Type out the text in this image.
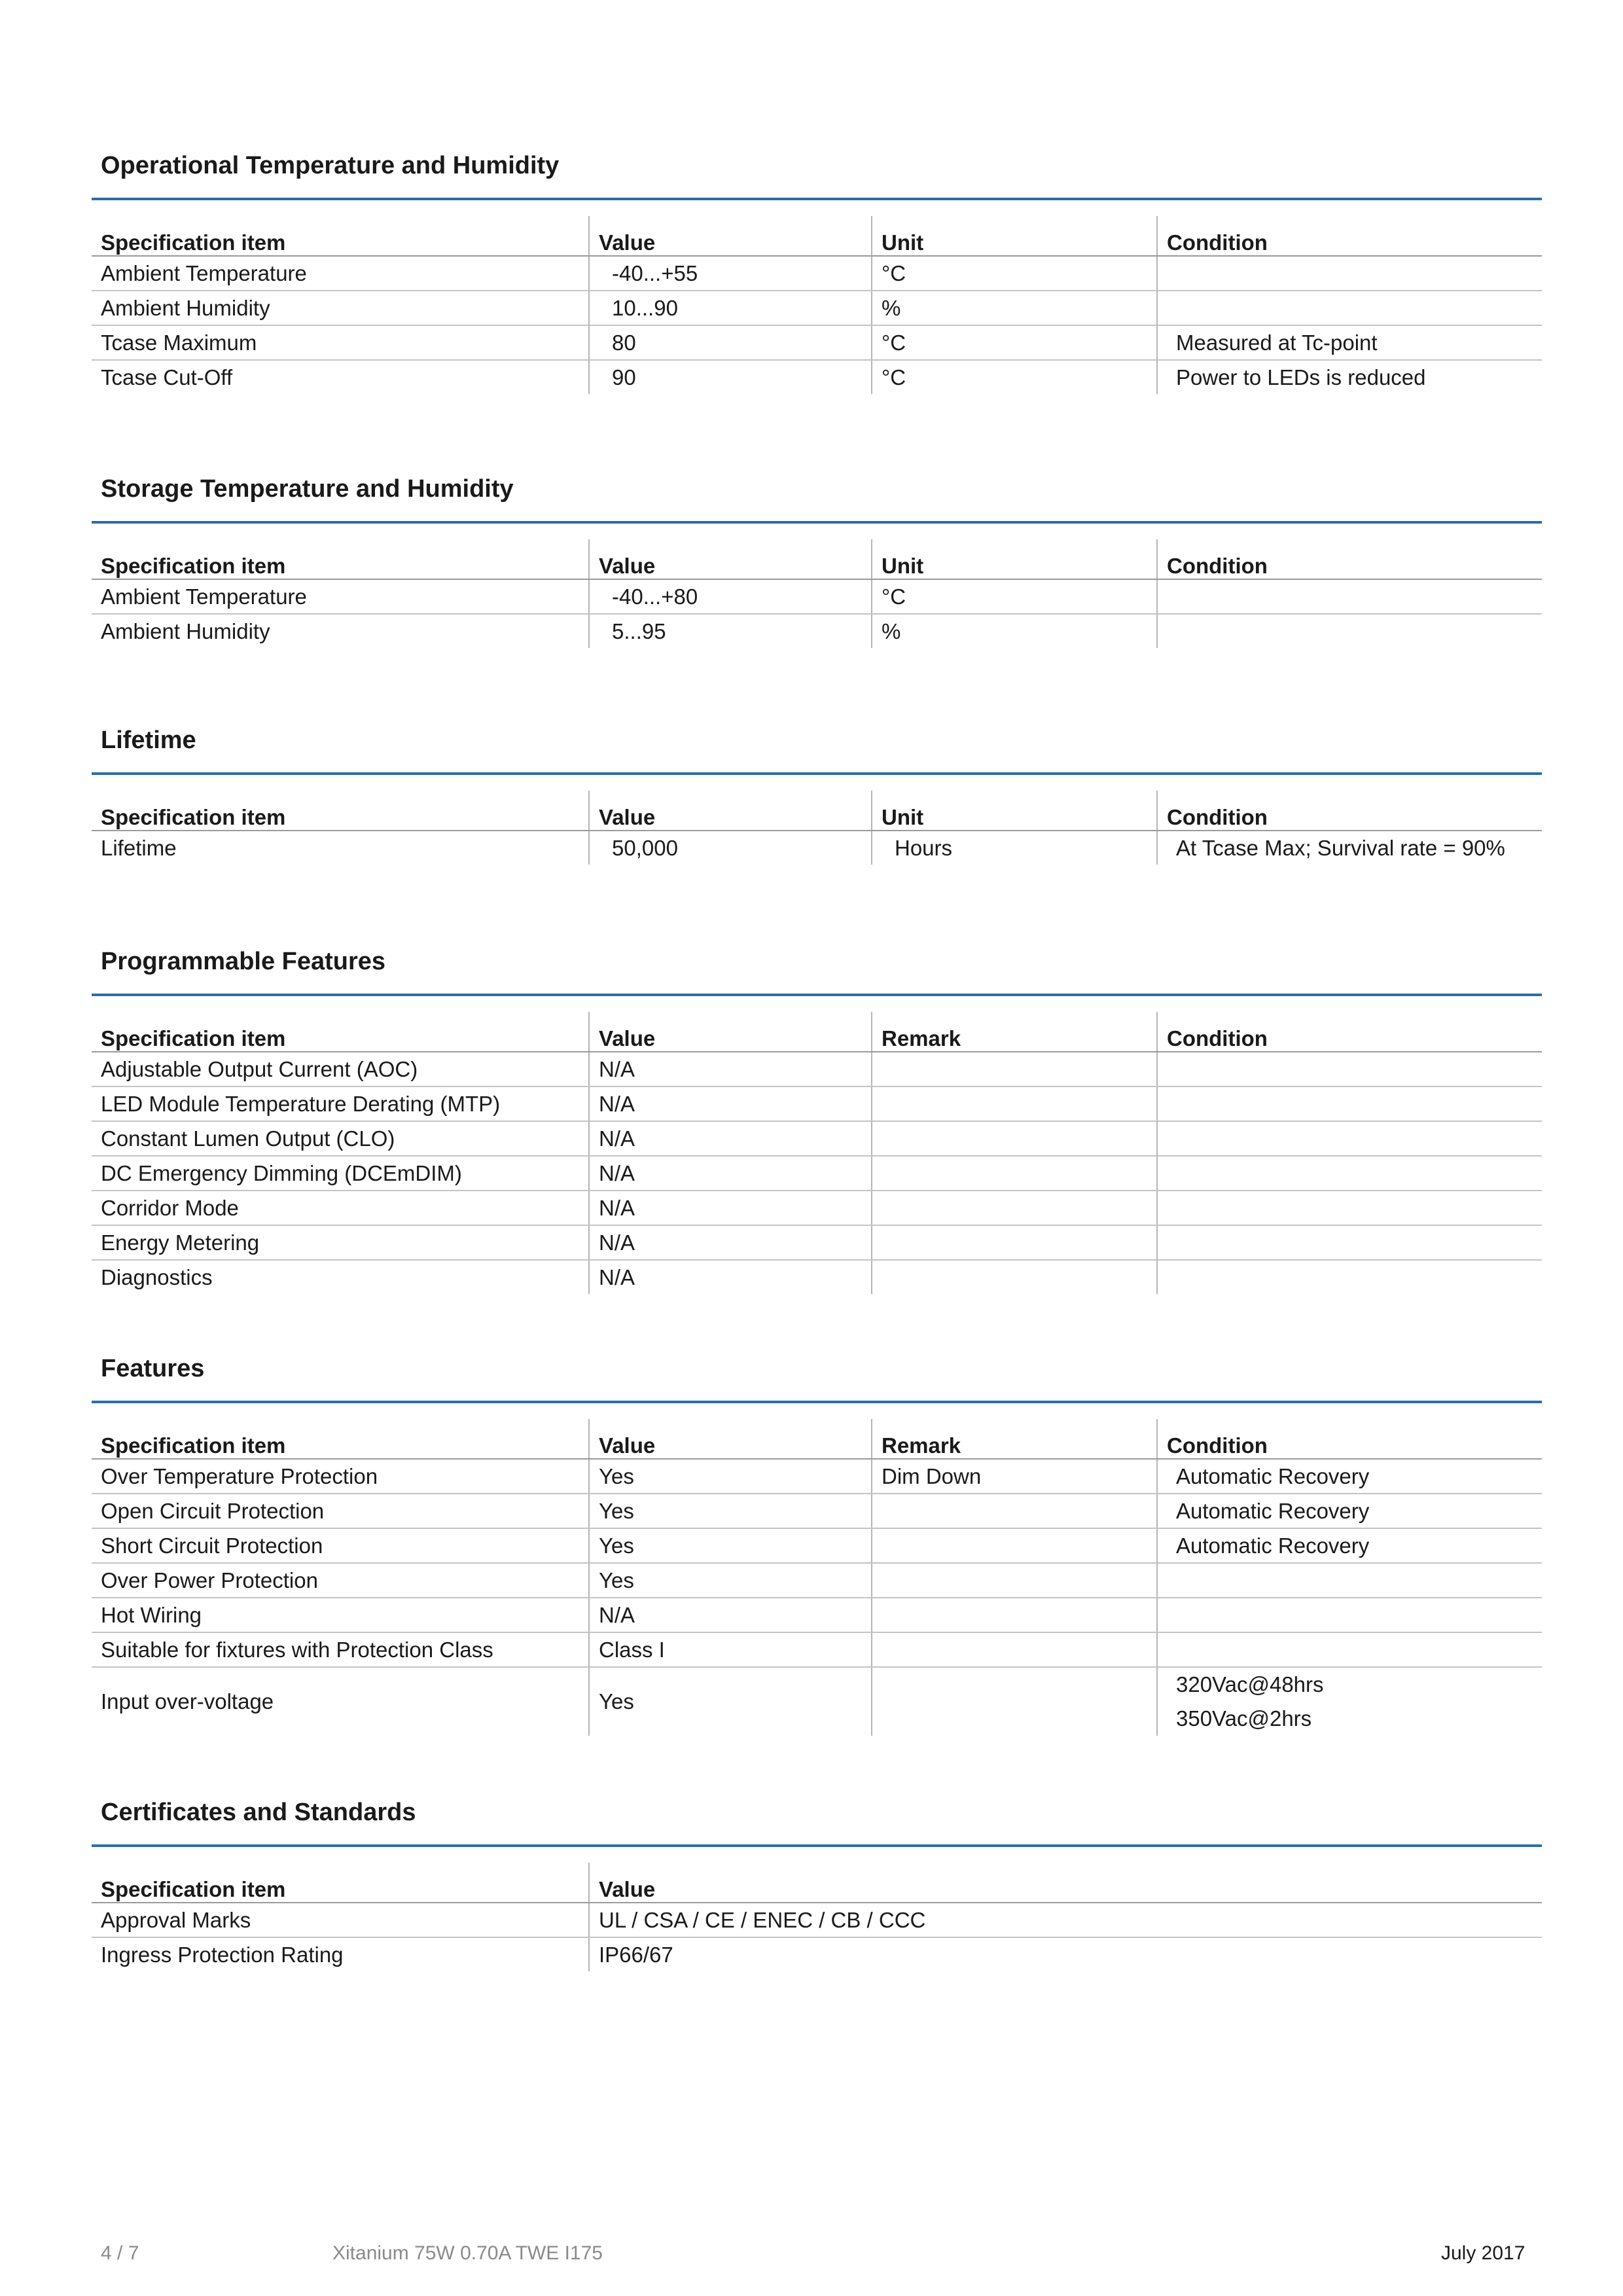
Operational Temperature and Humidity
Specification item	Value	Unit	Condition
Ambient Temperature	-40...+55	°C	
Ambient Humidity	10...90	%	
Tcase Maximum	80	°C	Measured at Tc-point
Tcase Cut-Off	90	°C	Power to LEDs is reduced
Storage Temperature and Humidity
Specification item	Value	Unit	Condition
Ambient Temperature	-40...+80	°C	
Ambient Humidity	5...95	%	
Lifetime
Specification item	Value	Unit	Condition
Lifetime	50,000	Hours	At Tcase Max; Survival rate = 90%
Programmable Features
Specification item	Value	Remark	Condition
Adjustable Output Current (AOC)	N/A		
LED Module Temperature Derating (MTP)	N/A		
Constant Lumen Output (CLO)	N/A		
DC Emergency Dimming (DCEmDIM)	N/A		
Corridor Mode	N/A		
Energy Metering	N/A		
Diagnostics	N/A		
Features
Specification item	Value	Remark	Condition
Over Temperature Protection	Yes	Dim Down	Automatic Recovery
Open Circuit Protection	Yes		Automatic Recovery
Short Circuit Protection	Yes		Automatic Recovery
Over Power Protection	Yes		
Hot Wiring	N/A		
Suitable for fixtures with Protection Class	Class I		
Input over-voltage	Yes		320Vac@48hrs
350Vac@2hrs
Certificates and Standards
Specification item	Value
Approval Marks	UL / CSA / CE / ENEC / CB / CCC
Ingress Protection Rating	IP66/67
4 / 7	Xitanium 75W 0.70A TWE I175	July 2017
